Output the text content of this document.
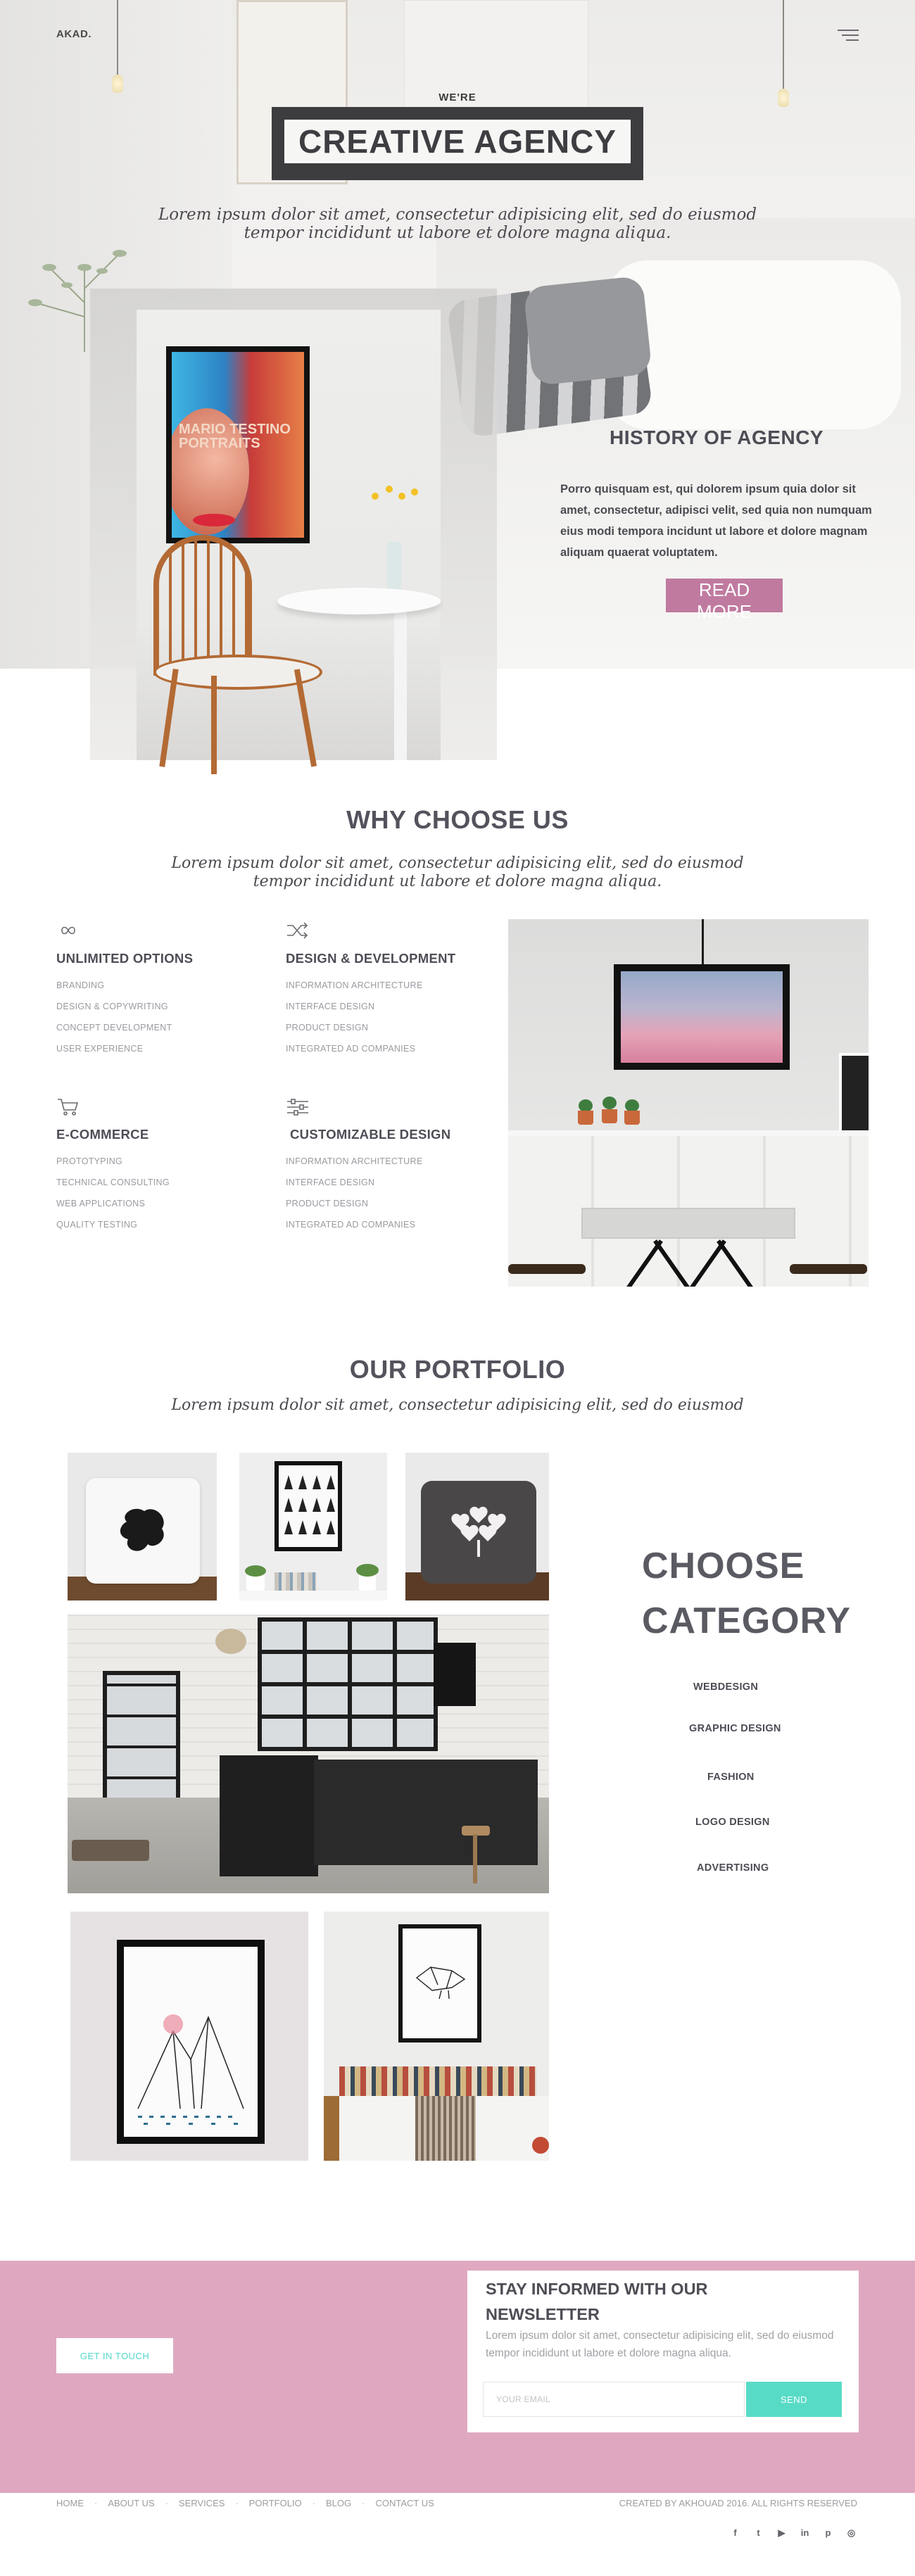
AKAD.
WE'RE
CREATIVE AGENCY
Lorem ipsum dolor sit amet, consectetur adipisicing elit, sed do eiusmod
tempor incididunt ut labore et dolore magna aliqua.
MARIO TESTINO PORTRAITS	HISTORY OF AGENCY
Porro quisquam est, qui dolorem ipsum quia dolor sit amet, consectetur, adipisci velit, sed quia non numquam eius modi tempora incidunt ut labore et dolore magnam aliquam quaerat voluptatem.
READ MORE
WHY CHOOSE US
Lorem ipsum dolor sit amet, consectetur adipisicing elit, sed do eiusmod
tempor incididunt ut labore et dolore magna aliqua.
UNLIMITED OPTIONS
BRANDING
DESIGN & COPYWRITING
CONCEPT DEVELOPMENT
USER EXPERIENCE
DESIGN & DEVELOPMENT
INFORMATION ARCHITECTURE
INTERFACE DESIGN
PRODUCT DESIGN
INTEGRATED AD COMPANIES
E-COMMERCE
PROTOTYPING
TECHNICAL CONSULTING
WEB APPLICATIONS
QUALITY TESTING
CUSTOMIZABLE DESIGN
INFORMATION ARCHITECTURE
INTERFACE DESIGN
PRODUCT DESIGN
INTEGRATED AD COMPANIES
OUR PORTFOLIO
Lorem ipsum dolor sit amet, consectetur adipisicing elit, sed do eiusmod
CHOOSE
CATEGORY
WEBDESIGN
GRAPHIC DESIGN
FASHION
LOGO DESIGN
ADVERTISING
GET IN TOUCH
STAY INFORMED WITH OUR
NEWSLETTER
Lorem ipsum dolor sit amet, consectetur adipisicing elit, sed do eiusmod tempor incididunt ut labore et dolore magna aliqua.
YOUR EMAIL
SEND
HOME · ABOUT US · SERVICES · PORTFOLIO · BLOG · CONTACT US	CREATED BY AKHOUAD 2016. ALL RIGHTS RESERVED
f	t	▶ in	p	◎
